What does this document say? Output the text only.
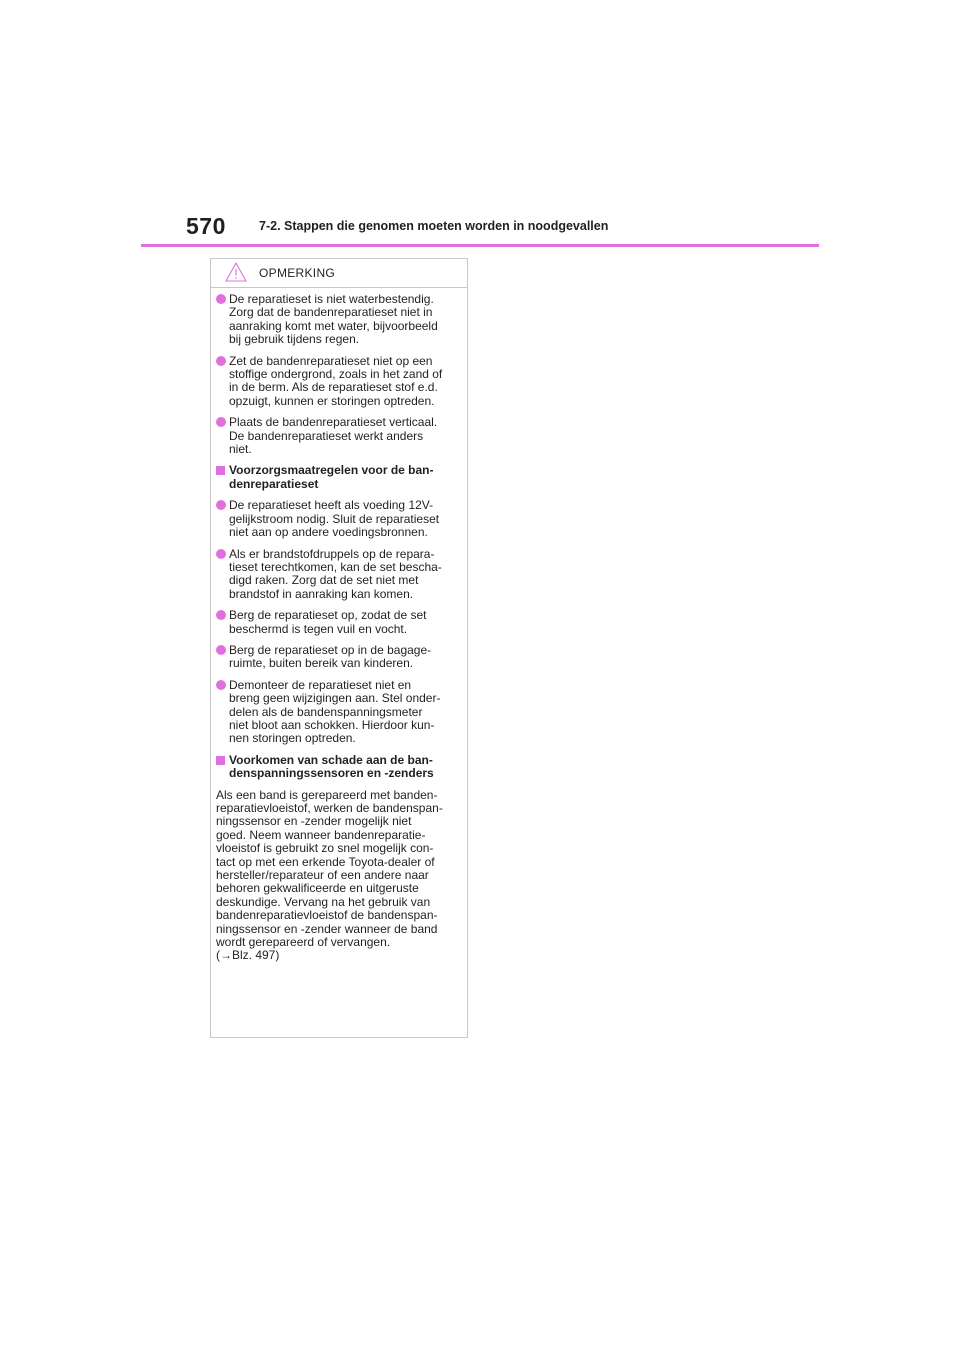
570	7-2. Stappen die genomen moeten worden in noodgevallen
OPMERKING
De reparatieset is niet waterbestendig.
Zorg dat de bandenreparatieset niet in
aanraking komt met water, bijvoorbeeld
bij gebruik tijdens regen.
Zet de bandenreparatieset niet op een
stoffige ondergrond, zoals in het zand of
in de berm. Als de reparatieset stof e.d.
opzuigt, kunnen er storingen optreden.
Plaats de bandenreparatieset verticaal.
De bandenreparatieset werkt anders
niet.
Voorzorgsmaatregelen voor de ban-
denreparatieset
De reparatieset heeft als voeding 12V-
gelijkstroom nodig. Sluit de reparatieset
niet aan op andere voedingsbronnen.
Als er brandstofdruppels op de repara-
tieset terechtkomen, kan de set bescha-
digd raken. Zorg dat de set niet met
brandstof in aanraking kan komen.
Berg de reparatieset op, zodat de set
beschermd is tegen vuil en vocht.
Berg de reparatieset op in de bagage-
ruimte, buiten bereik van kinderen.
Demonteer de reparatieset niet en
breng geen wijzigingen aan. Stel onder-
delen als de bandenspanningsmeter
niet bloot aan schokken. Hierdoor kun-
nen storingen optreden.
Voorkomen van schade aan de ban-
denspanningssensoren en -zenders
Als een band is gerepareerd met banden-
reparatievloeistof, werken de bandenspan-
ningssensor en -zender mogelijk niet
goed. Neem wanneer bandenreparatie-
vloeistof is gebruikt zo snel mogelijk con-
tact op met een erkende Toyota-dealer of
hersteller/reparateur of een andere naar
behoren gekwalificeerde en uitgeruste
deskundige. Vervang na het gebruik van
bandenreparatievloeistof de bandenspan-
ningssensor en -zender wanneer de band
wordt gerepareerd of vervangen.
(→Blz. 497)
